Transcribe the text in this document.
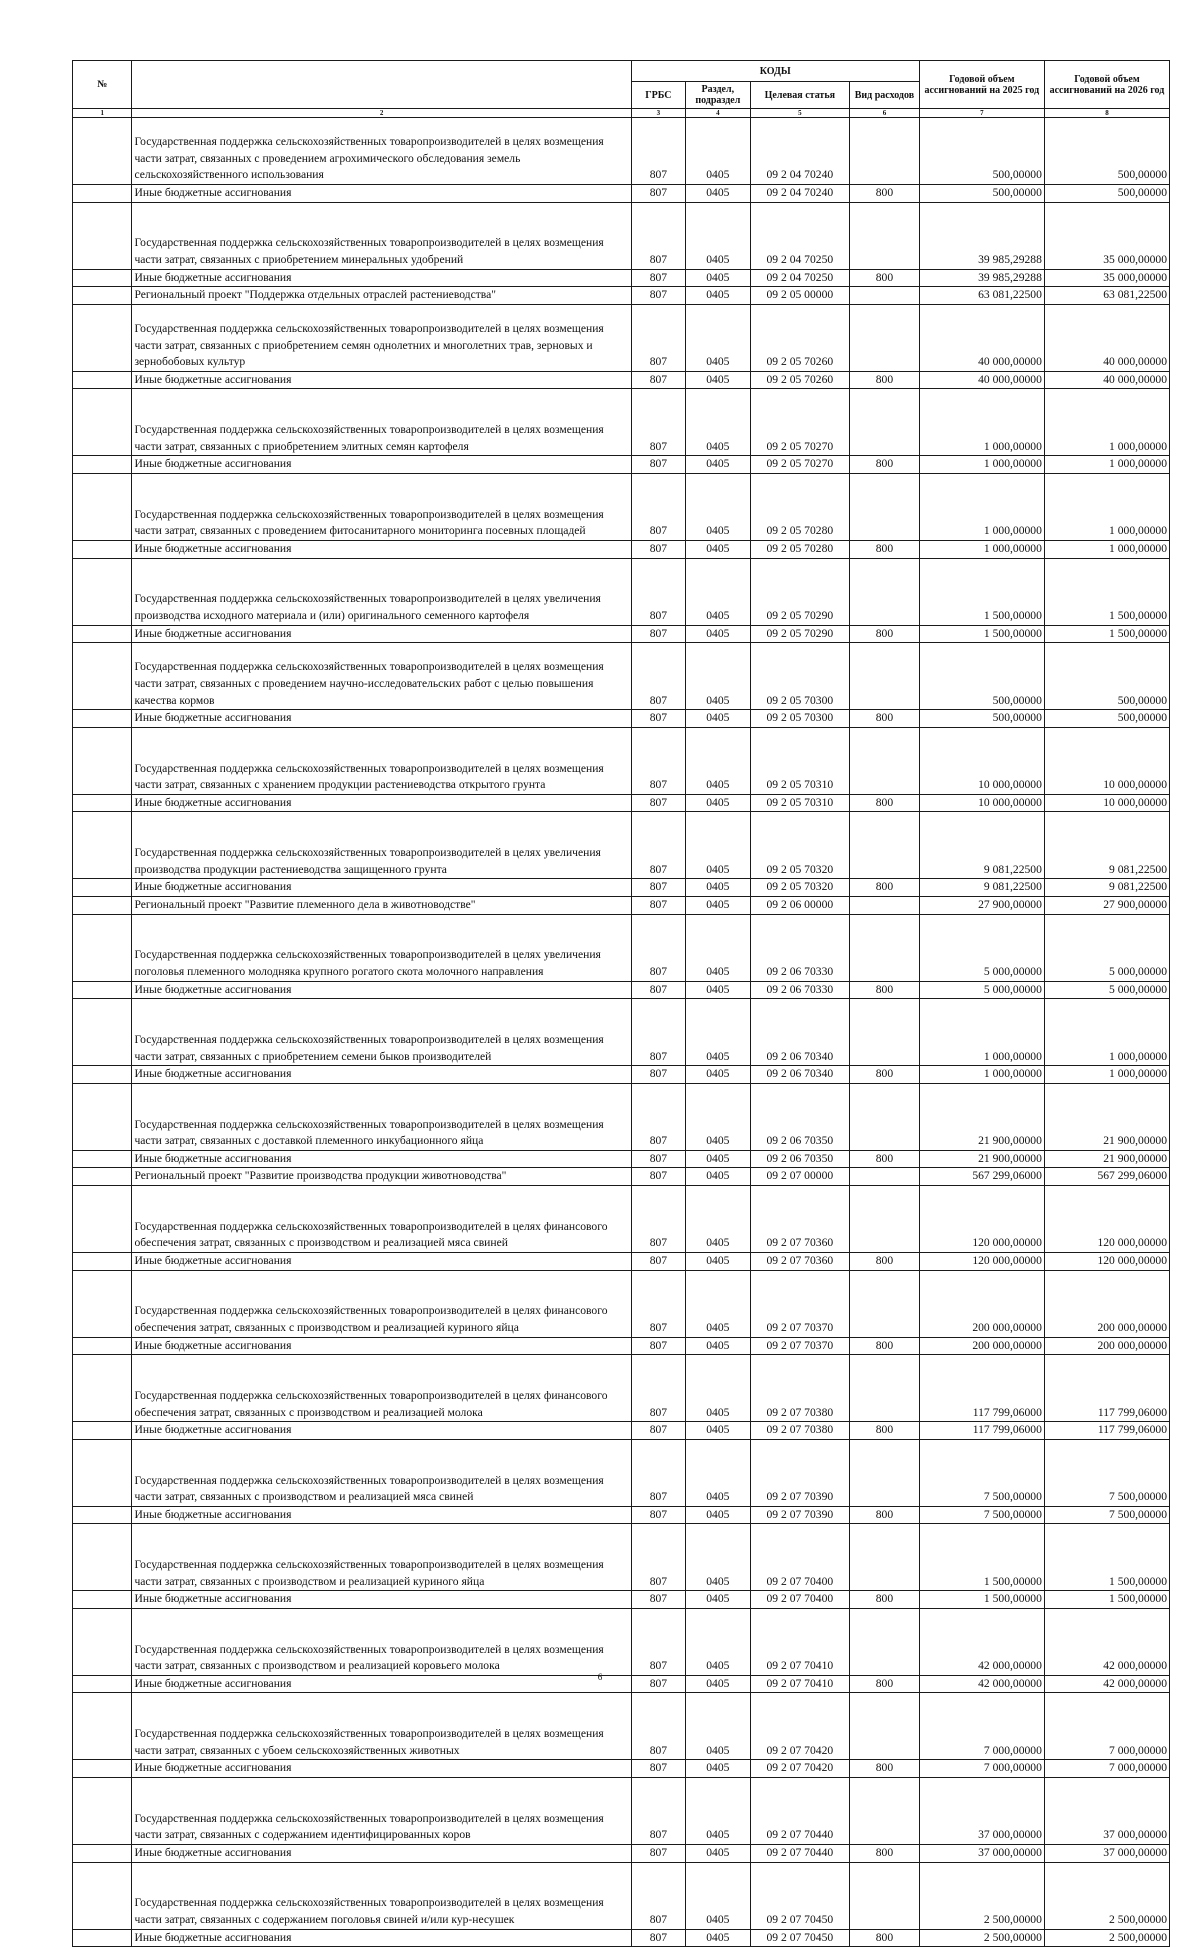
№		КОДЫ				Годовой объем ассигнований на 2025 год	Годовой объем ассигнований на 2026 год
		ГРБС	Раздел, подраздел	Целевая статья	Вид расходов		
1	2	3	4	5	6	7	8
	Государственная поддержка сельскохозяйственных товаропроизводителей в целях возмещения части затрат, связанных с проведением агрохимического обследования земель сельскохозяйственного использования	807	0405	09 2 04 70240		500,00000	500,00000
	Иные бюджетные ассигнования	807	0405	09 2 04 70240	800	500,00000	500,00000
	Государственная поддержка сельскохозяйственных товаропроизводителей в целях возмещения части затрат, связанных с приобретением минеральных удобрений	807	0405	09 2 04 70250		39 985,29288	35 000,00000
	Иные бюджетные ассигнования	807	0405	09 2 04 70250	800	39 985,29288	35 000,00000
	Региональный проект "Поддержка отдельных отраслей растениеводства"	807	0405	09 2 05 00000		63 081,22500	63 081,22500
	Государственная поддержка сельскохозяйственных товаропроизводителей в целях возмещения части затрат, связанных с приобретением семян однолетних и многолетних трав, зерновых и зернобобовых культур	807	0405	09 2 05 70260		40 000,00000	40 000,00000
	Иные бюджетные ассигнования	807	0405	09 2 05 70260	800	40 000,00000	40 000,00000
	Государственная поддержка сельскохозяйственных товаропроизводителей в целях возмещения части затрат, связанных с приобретением элитных семян картофеля	807	0405	09 2 05 70270		1 000,00000	1 000,00000
	Иные бюджетные ассигнования	807	0405	09 2 05 70270	800	1 000,00000	1 000,00000
	Государственная поддержка сельскохозяйственных товаропроизводителей в целях возмещения части затрат, связанных с проведением фитосанитарного мониторинга посевных площадей	807	0405	09 2 05 70280		1 000,00000	1 000,00000
	Иные бюджетные ассигнования	807	0405	09 2 05 70280	800	1 000,00000	1 000,00000
	Государственная поддержка сельскохозяйственных товаропроизводителей в целях увеличения производства исходного материала и (или) оригинального семенного картофеля	807	0405	09 2 05 70290		1 500,00000	1 500,00000
	Иные бюджетные ассигнования	807	0405	09 2 05 70290	800	1 500,00000	1 500,00000
	Государственная поддержка сельскохозяйственных товаропроизводителей в целях возмещения части затрат, связанных с проведением научно-исследовательских работ с целью повышения качества кормов	807	0405	09 2 05 70300		500,00000	500,00000
	Иные бюджетные ассигнования	807	0405	09 2 05 70300	800	500,00000	500,00000
	Государственная поддержка сельскохозяйственных товаропроизводителей в целях возмещения части затрат, связанных с хранением продукции растениеводства открытого грунта	807	0405	09 2 05 70310		10 000,00000	10 000,00000
	Иные бюджетные ассигнования	807	0405	09 2 05 70310	800	10 000,00000	10 000,00000
	Государственная поддержка сельскохозяйственных товаропроизводителей в целях увеличения производства продукции растениеводства защищенного грунта	807	0405	09 2 05 70320		9 081,22500	9 081,22500
	Иные бюджетные ассигнования	807	0405	09 2 05 70320	800	9 081,22500	9 081,22500
	Региональный проект "Развитие племенного дела в животноводстве"	807	0405	09 2 06 00000		27 900,00000	27 900,00000
	Государственная поддержка сельскохозяйственных товаропроизводителей в целях увеличения поголовья племенного молодняка крупного рогатого скота молочного направления	807	0405	09 2 06 70330		5 000,00000	5 000,00000
	Иные бюджетные ассигнования	807	0405	09 2 06 70330	800	5 000,00000	5 000,00000
	Государственная поддержка сельскохозяйственных товаропроизводителей в целях возмещения части затрат, связанных с приобретением семени быков производителей	807	0405	09 2 06 70340		1 000,00000	1 000,00000
	Иные бюджетные ассигнования	807	0405	09 2 06 70340	800	1 000,00000	1 000,00000
	Государственная поддержка сельскохозяйственных товаропроизводителей в целях возмещения части затрат, связанных с доставкой племенного инкубационного яйца	807	0405	09 2 06 70350		21 900,00000	21 900,00000
	Иные бюджетные ассигнования	807	0405	09 2 06 70350	800	21 900,00000	21 900,00000
	Региональный проект "Развитие производства продукции животноводства"	807	0405	09 2 07 00000		567 299,06000	567 299,06000
	Государственная поддержка сельскохозяйственных товаропроизводителей в целях финансового обеспечения затрат, связанных с производством и реализацией мяса свиней	807	0405	09 2 07 70360		120 000,00000	120 000,00000
	Иные бюджетные ассигнования	807	0405	09 2 07 70360	800	120 000,00000	120 000,00000
	Государственная поддержка сельскохозяйственных товаропроизводителей в целях финансового обеспечения затрат, связанных с производством и реализацией куриного яйца	807	0405	09 2 07 70370		200 000,00000	200 000,00000
	Иные бюджетные ассигнования	807	0405	09 2 07 70370	800	200 000,00000	200 000,00000
	Государственная поддержка сельскохозяйственных товаропроизводителей в целях финансового обеспечения затрат, связанных с производством и реализацией молока	807	0405	09 2 07 70380		117 799,06000	117 799,06000
	Иные бюджетные ассигнования	807	0405	09 2 07 70380	800	117 799,06000	117 799,06000
	Государственная поддержка сельскохозяйственных товаропроизводителей в целях возмещения части затрат, связанных с производством и реализацией мяса свиней	807	0405	09 2 07 70390		7 500,00000	7 500,00000
	Иные бюджетные ассигнования	807	0405	09 2 07 70390	800	7 500,00000	7 500,00000
	Государственная поддержка сельскохозяйственных товаропроизводителей в целях возмещения части затрат, связанных с производством и реализацией куриного яйца	807	0405	09 2 07 70400		1 500,00000	1 500,00000
	Иные бюджетные ассигнования	807	0405	09 2 07 70400	800	1 500,00000	1 500,00000
	Государственная поддержка сельскохозяйственных товаропроизводителей в целях возмещения части затрат, связанных с производством и реализацией коровьего молока	807	0405	09 2 07 70410		42 000,00000	42 000,00000
	Иные бюджетные ассигнования	807	0405	09 2 07 70410	800	42 000,00000	42 000,00000
	Государственная поддержка сельскохозяйственных товаропроизводителей в целях возмещения части затрат, связанных с убоем сельскохозяйственных животных	807	0405	09 2 07 70420		7 000,00000	7 000,00000
	Иные бюджетные ассигнования	807	0405	09 2 07 70420	800	7 000,00000	7 000,00000
	Государственная поддержка сельскохозяйственных товаропроизводителей в целях возмещения части затрат, связанных с содержанием идентифицированных коров	807	0405	09 2 07 70440		37 000,00000	37 000,00000
	Иные бюджетные ассигнования	807	0405	09 2 07 70440	800	37 000,00000	37 000,00000
	Государственная поддержка сельскохозяйственных товаропроизводителей в целях возмещения части затрат, связанных с содержанием поголовья свиней и/или кур-несушек	807	0405	09 2 07 70450		2 500,00000	2 500,00000
	Иные бюджетные ассигнования	807	0405	09 2 07 70450	800	2 500,00000	2 500,00000
6
